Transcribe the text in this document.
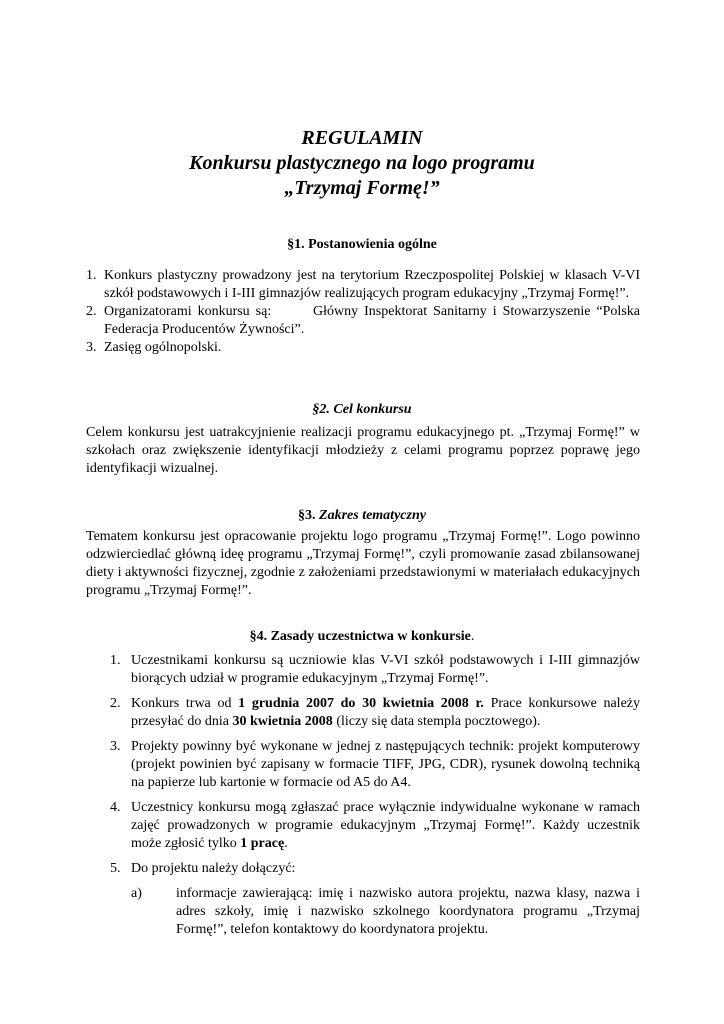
REGULAMIN
Konkursu plastycznego na logo programu
„Trzymaj Formę!”
§1. Postanowienia ogólne
1. Konkurs plastyczny prowadzony jest na terytorium Rzeczpospolitej Polskiej w klasach V-VI szkół podstawowych i I-III gimnazjów realizujących program edukacyjny „Trzymaj Formę!”.
2. Organizatorami konkursu są:       Główny Inspektorat Sanitarny i Stowarzyszenie “Polska Federacja Producentów Żywności”.
3. Zasięg ogólnopolski.
§2. Cel konkursu
Celem konkursu jest uatrakcyjnienie realizacji programu edukacyjnego pt. „Trzymaj Formę!” w szkołach oraz zwiększenie identyfikacji młodzieży z celami programu poprzez poprawę jego identyfikacji wizualnej.
§3. Zakres tematyczny
Tematem konkursu jest opracowanie projektu logo programu „Trzymaj Formę!”. Logo powinno odzwierciedlać główną ideę programu „Trzymaj Formę!”, czyli promowanie zasad zbilansowanej diety i aktywności fizycznej, zgodnie z założeniami przedstawionymi w materiałach edukacyjnych programu „Trzymaj Formę!”.
§4. Zasady uczestnictwa w konkursie.
1. Uczestnikami konkursu są uczniowie klas V-VI szkół podstawowych i I-III gimnazjów biorących udział w programie edukacyjnym „Trzymaj Formę!”.
2. Konkurs trwa od 1 grudnia 2007 do 30 kwietnia 2008 r. Prace konkursowe należy przesyłać do dnia 30 kwietnia 2008 (liczy się data stempla pocztowego).
3. Projekty powinny być wykonane w jednej z następujących technik: projekt komputerowy (projekt powinien być zapisany w formacie TIFF, JPG, CDR), rysunek dowolną techniką na papierze lub kartonie w formacie od A5 do A4.
4. Uczestnicy konkursu mogą zgłaszać prace wyłącznie indywidualne wykonane w ramach zajęć prowadzonych w programie edukacyjnym „Trzymaj Formę!”. Każdy uczestnik może zgłosić tylko 1 pracę.
5. Do projektu należy dołączyć:
a) informacje zawierającą: imię i nazwisko autora projektu, nazwa klasy, nazwa i adres szkoły, imię i nazwisko szkolnego koordynatora programu „Trzymaj Formę!”, telefon kontaktowy do koordynatora projektu.
